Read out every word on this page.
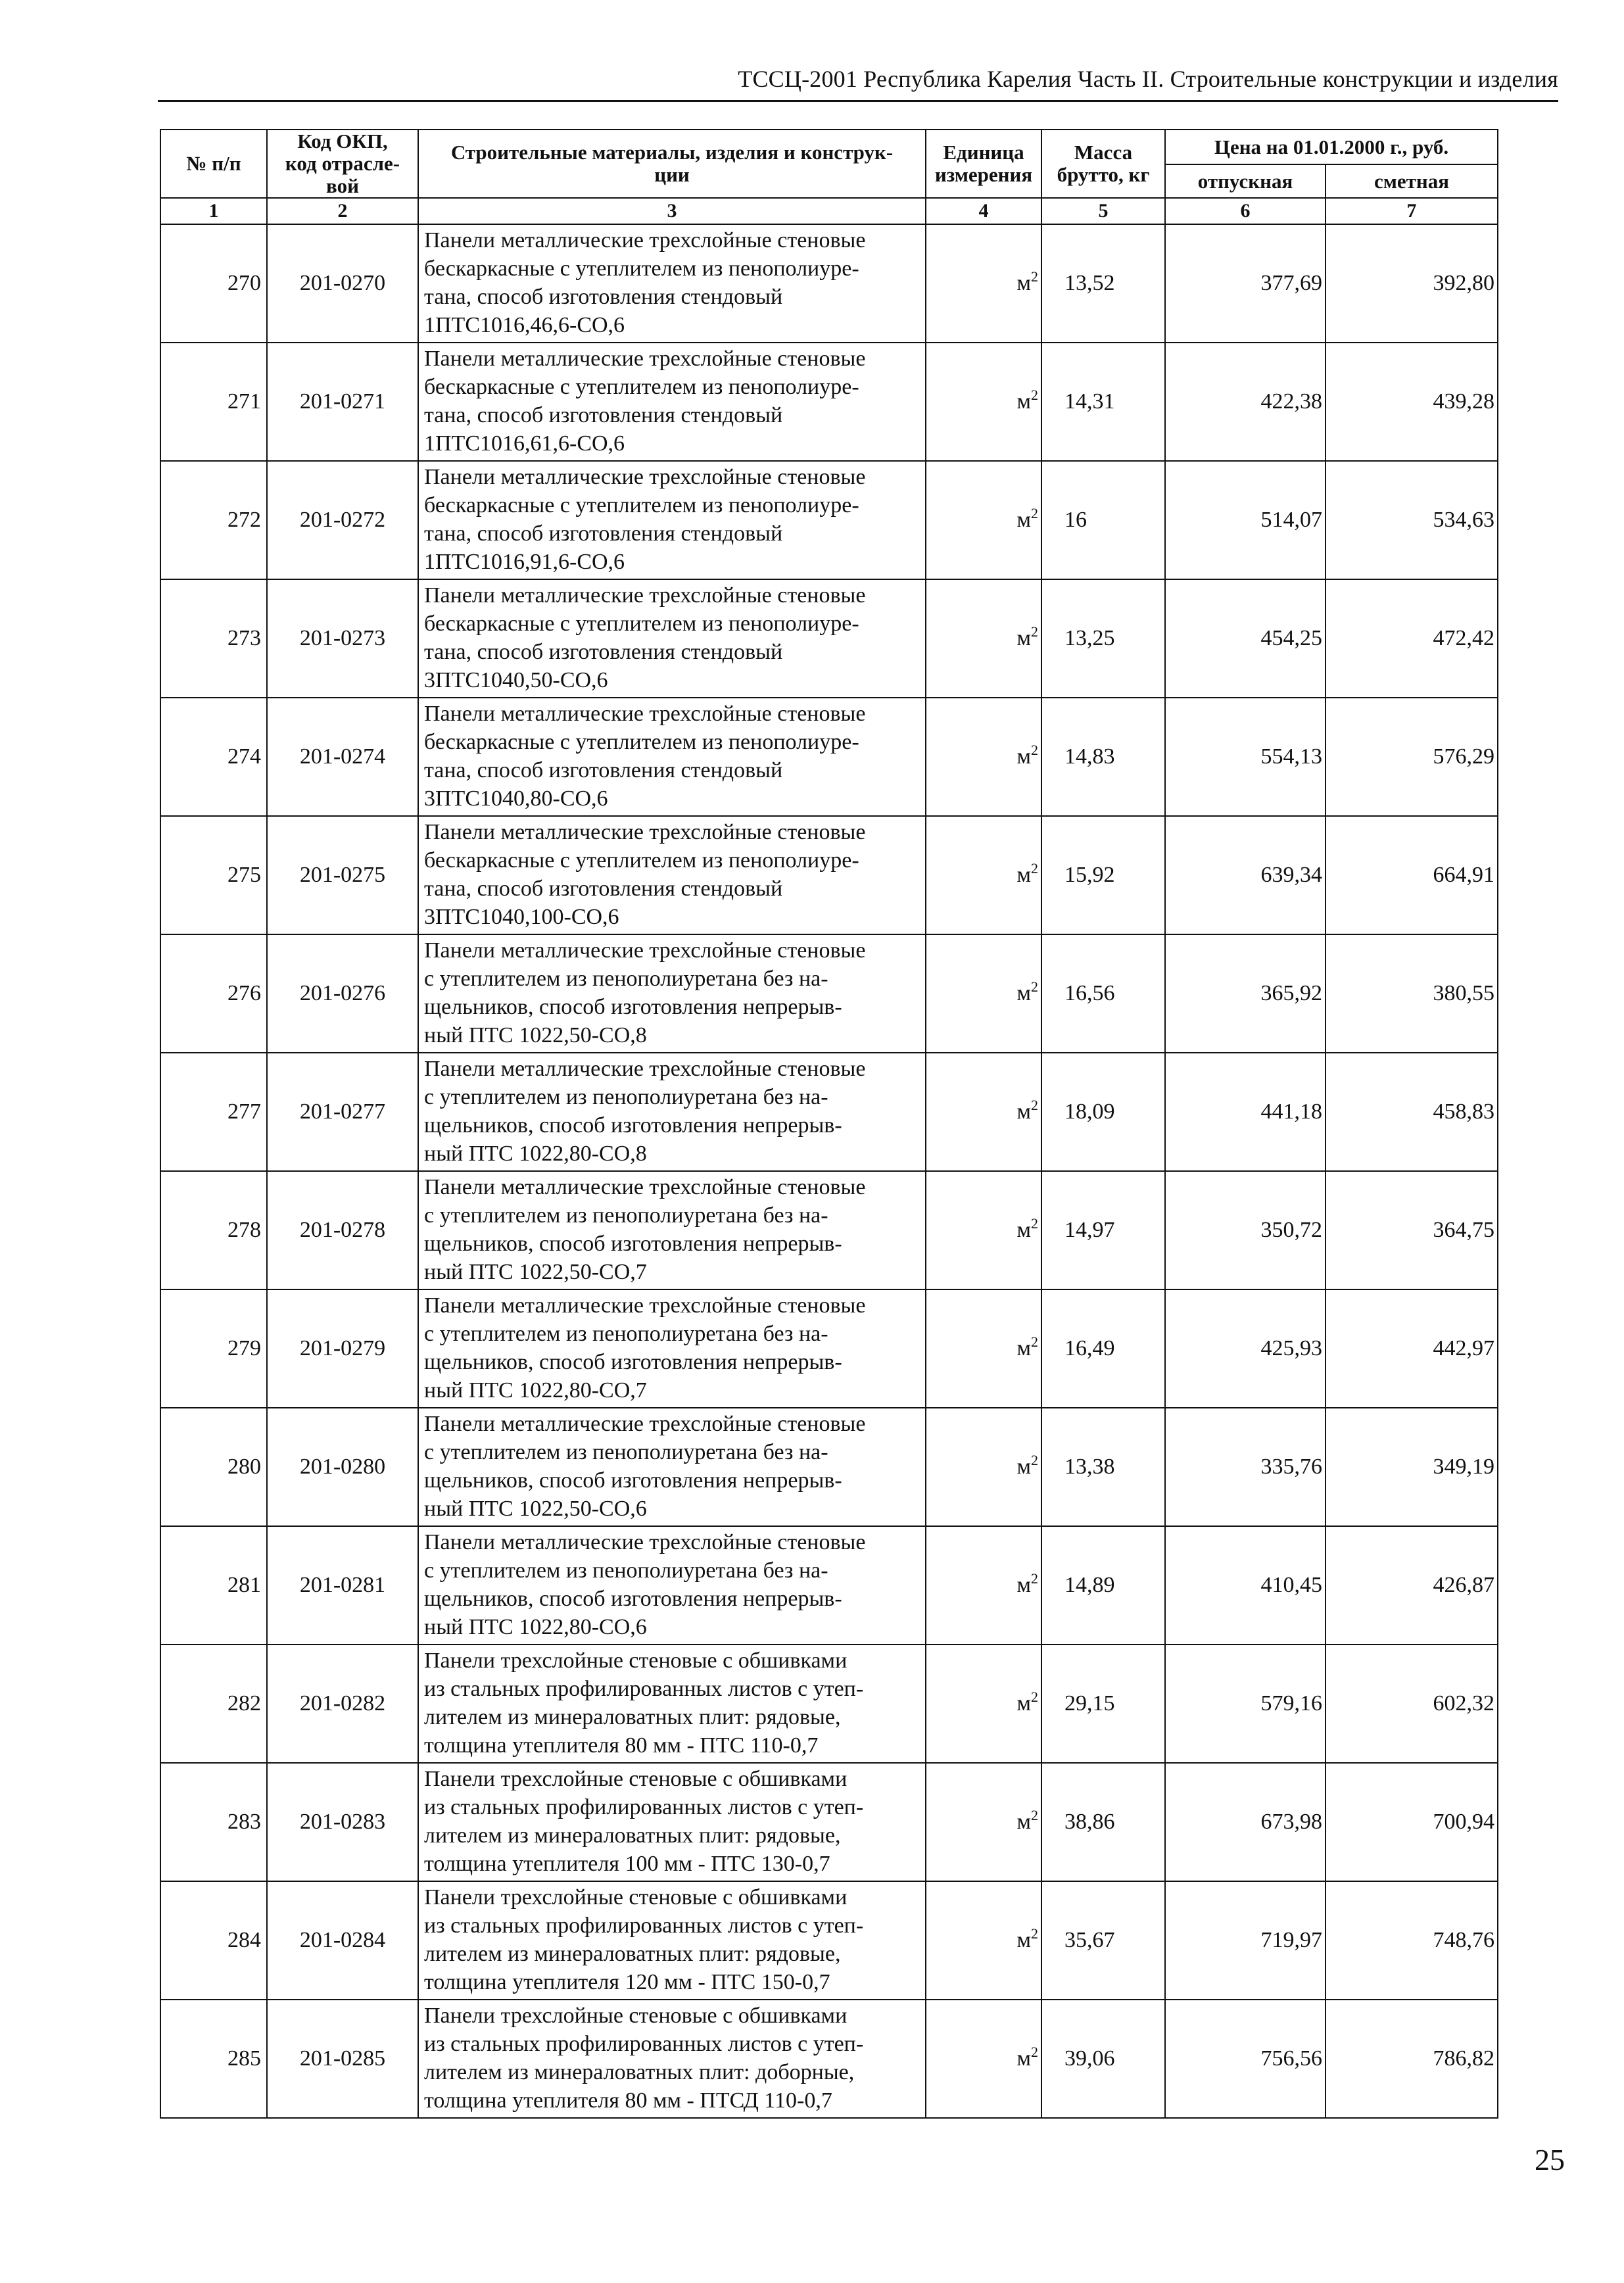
ТССЦ-2001 Республика Карелия Часть II. Строительные конструкции и изделия
№ п/п	Код ОКП,
код отрасле-
вой	Строительные материалы, изделия и конструк-
ции	Единица
измерения	Масса
брутто, кг	Цена на 01.01.2000 г., руб.	
					отпускная	сметная
1	2	3	4	5	6	7
270	201-0270	Панели металлические трехслойные стеновые
бескаркасные с утеплителем из пенополиуре-
тана, способ изготовления стендовый
1ПТС1016,46,6-СО,6	$м^2$	13,52	377,69	392,80
271	201-0271	Панели металлические трехслойные стеновые
бескаркасные с утеплителем из пенополиуре-
тана, способ изготовления стендовый
1ПТС1016,61,6-СО,6	$м^2$	14,31	422,38	439,28
272	201-0272	Панели металлические трехслойные стеновые
бескаркасные с утеплителем из пенополиуре-
тана, способ изготовления стендовый
1ПТС1016,91,6-СО,6	$м^2$	16	514,07	534,63
273	201-0273	Панели металлические трехслойные стеновые
бескаркасные с утеплителем из пенополиуре-
тана, способ изготовления стендовый
3ПТС1040,50-СО,6	$м^2$	13,25	454,25	472,42
274	201-0274	Панели металлические трехслойные стеновые
бескаркасные с утеплителем из пенополиуре-
тана, способ изготовления стендовый
3ПТС1040,80-СО,6	$м^2$	14,83	554,13	576,29
275	201-0275	Панели металлические трехслойные стеновые
бескаркасные с утеплителем из пенополиуре-
тана, способ изготовления стендовый
3ПТС1040,100-СО,6	$м^2$	15,92	639,34	664,91
276	201-0276	Панели металлические трехслойные стеновые
с утеплителем из пенополиуретана без на-
щельников, способ изготовления непрерыв-
ный ПТС 1022,50-СО,8	$м^2$	16,56	365,92	380,55
277	201-0277	Панели металлические трехслойные стеновые
с утеплителем из пенополиуретана без на-
щельников, способ изготовления непрерыв-
ный ПТС 1022,80-СО,8	$м^2$	18,09	441,18	458,83
278	201-0278	Панели металлические трехслойные стеновые
с утеплителем из пенополиуретана без на-
щельников, способ изготовления непрерыв-
ный ПТС 1022,50-СО,7	$м^2$	14,97	350,72	364,75
279	201-0279	Панели металлические трехслойные стеновые
с утеплителем из пенополиуретана без на-
щельников, способ изготовления непрерыв-
ный ПТС 1022,80-СО,7	$м^2$	16,49	425,93	442,97
280	201-0280	Панели металлические трехслойные стеновые
с утеплителем из пенополиуретана без на-
щельников, способ изготовления непрерыв-
ный ПТС 1022,50-СО,6	$м^2$	13,38	335,76	349,19
281	201-0281	Панели металлические трехслойные стеновые
с утеплителем из пенополиуретана без на-
щельников, способ изготовления непрерыв-
ный ПТС 1022,80-СО,6	$м^2$	14,89	410,45	426,87
282	201-0282	Панели трехслойные стеновые с обшивками
из стальных профилированных листов с утеп-
лителем из минераловатных плит: рядовые,
толщина утеплителя 80 мм - ПТС 110-0,7	$м^2$	29,15	579,16	602,32
283	201-0283	Панели трехслойные стеновые с обшивками
из стальных профилированных листов с утеп-
лителем из минераловатных плит: рядовые,
толщина утеплителя 100 мм - ПТС 130-0,7	$м^2$	38,86	673,98	700,94
284	201-0284	Панели трехслойные стеновые с обшивками
из стальных профилированных листов с утеп-
лителем из минераловатных плит: рядовые,
толщина утеплителя 120 мм - ПТС 150-0,7	$м^2$	35,67	719,97	748,76
285	201-0285	Панели трехслойные стеновые с обшивками
из стальных профилированных листов с утеп-
лителем из минераловатных плит: доборные,
толщина утеплителя 80 мм - ПТСД 110-0,7	$м^2$	39,06	756,56	786,82
25
